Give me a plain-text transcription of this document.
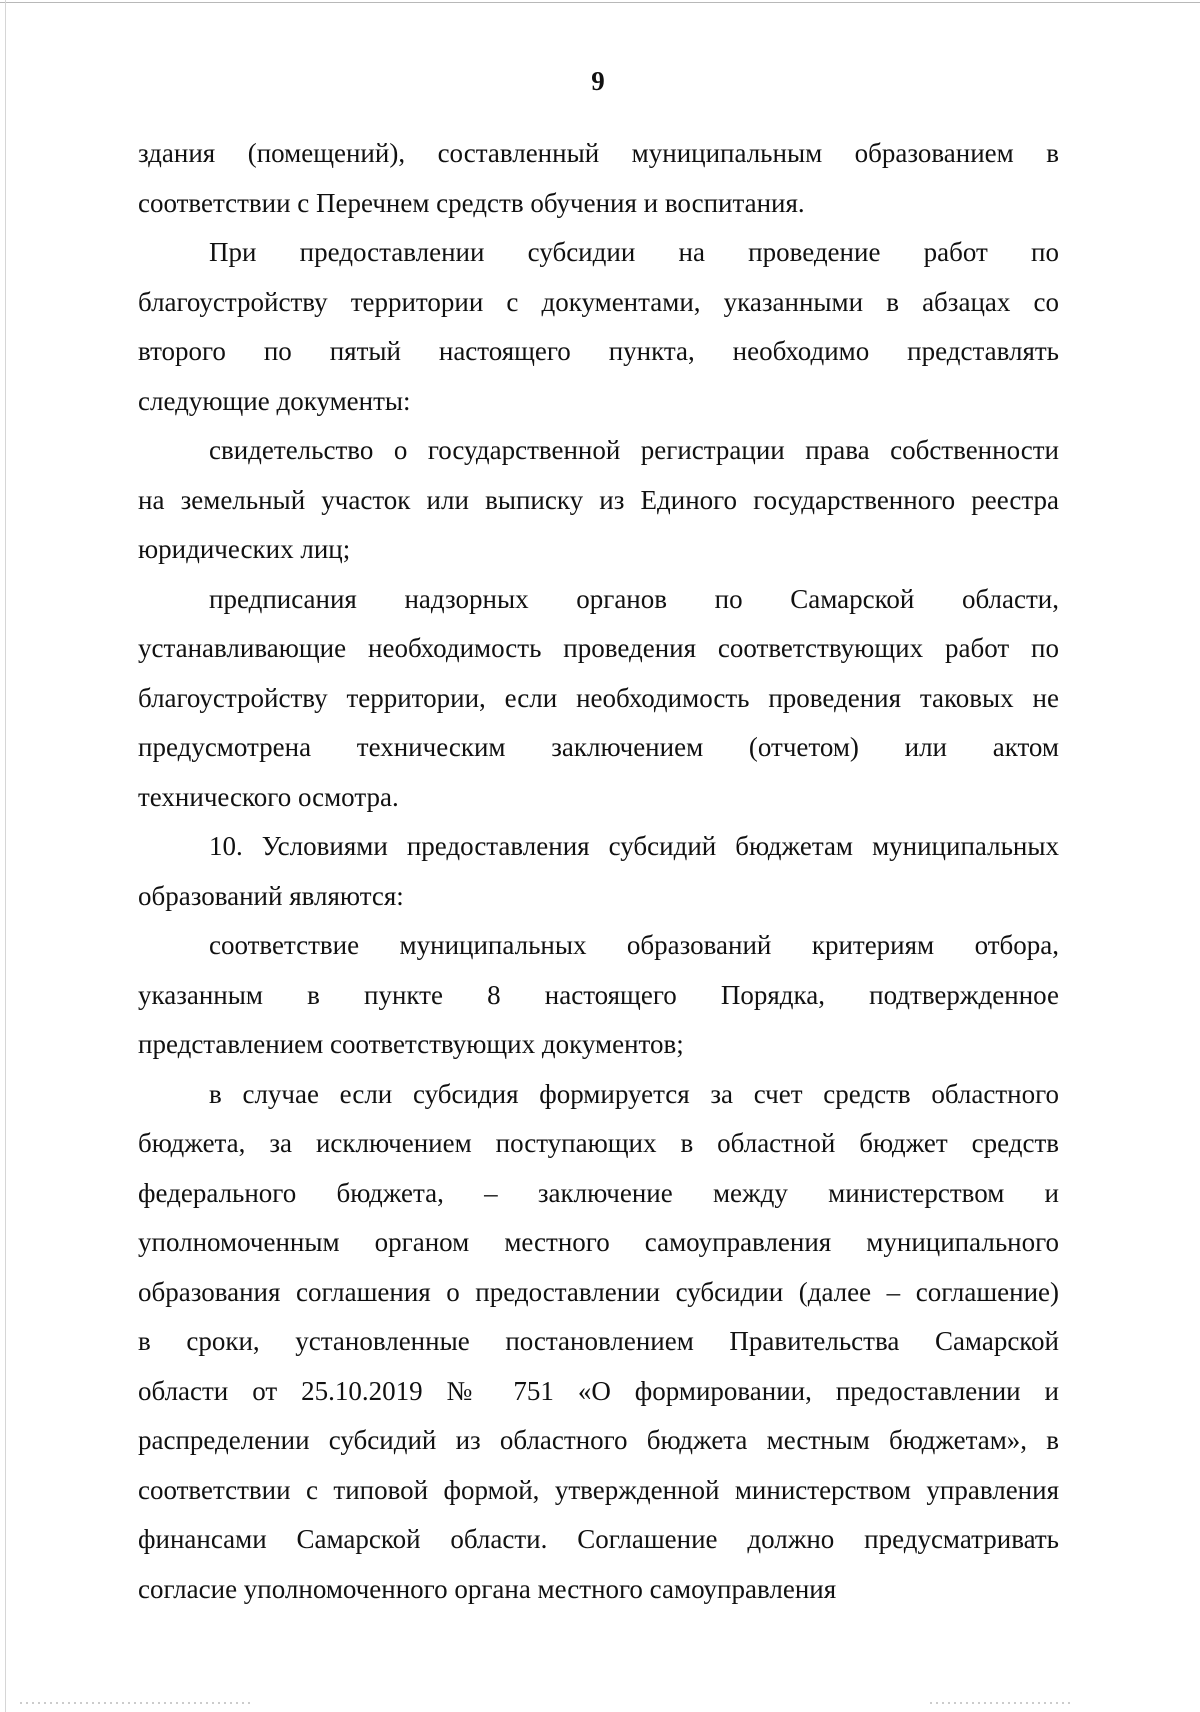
9
здания (помещений), составленный муниципальным образованием в
соответствии с Перечнем средств обучения и воспитания.
При предоставлении субсидии на проведение работ по
благоустройству территории с документами, указанными в абзацах со
второго по пятый настоящего пункта, необходимо представлять
следующие документы:
свидетельство о государственной регистрации права собственности
на земельный участок или выписку из Единого государственного реестра
юридических лиц;
предписания надзорных органов по Самарской области,
устанавливающие необходимость проведения соответствующих работ по
благоустройству территории, если необходимость проведения таковых не
предусмотрена техническим заключением (отчетом) или актом
технического осмотра.
10. Условиями предоставления субсидий бюджетам муниципальных
образований являются:
соответствие муниципальных образований критериям отбора,
указанным в пункте 8 настоящего Порядка, подтвержденное
представлением соответствующих документов;
в случае если субсидия формируется за счет средств областного
бюджета, за исключением поступающих в областной бюджет средств
федерального бюджета, – заключение между министерством и
уполномоченным органом местного самоуправления муниципального
образования соглашения о предоставлении субсидии (далее – соглашение)
в сроки, установленные постановлением Правительства Самарской
области от 25.10.2019 № 751 «О формировании, предоставлении и
распределении субсидий из областного бюджета местным бюджетам», в
соответствии с типовой формой, утвержденной министерством управления
финансами Самарской области. Соглашение должно предусматривать
согласие уполномоченного органа местного самоуправления
